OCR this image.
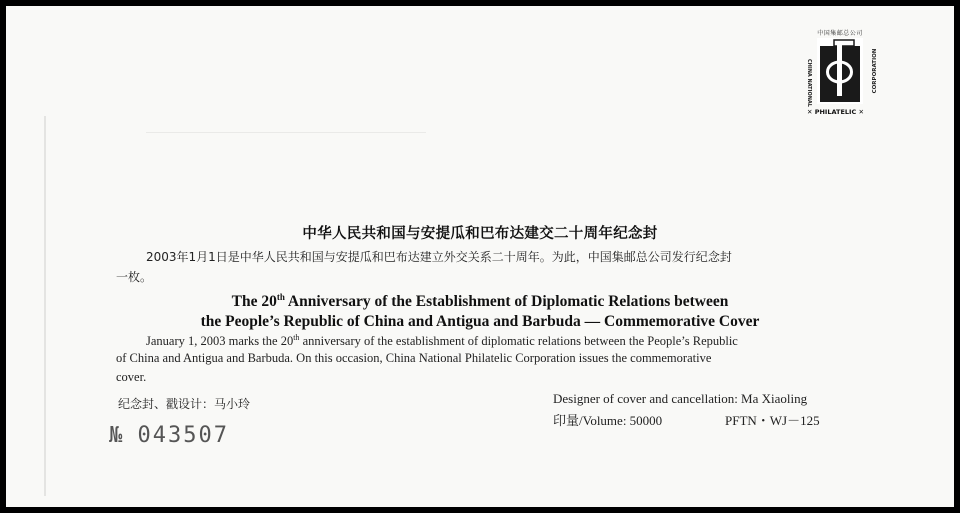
中国集邮总公司
CHINA NATIONAL	CORPORATION
✕ PHILATELIC ✕
中华人民共和国与安提瓜和巴布达建交二十周年纪念封
2003年1月1日是中华人民共和国与安提瓜和巴布达建立外交关系二十周年。为此，中国集邮总公司发行纪念封
一枚。
The 20th Anniversary of the Establishment of Diplomatic Relations between
the People’s Republic of China and Antigua and Barbuda — Commemorative Cover
January 1, 2003 marks the 20th anniversary of the establishment of diplomatic relations between the People’s Republic
of China and Antigua and Barbuda. On this occasion, China National Philatelic Corporation issues the commemorative
cover.
纪念封、戳设计：马小玲	Designer of cover and cancellation: Ma Xiaoling
印量/Volume: 50000	PFTN・WJ－125
№ 043507
